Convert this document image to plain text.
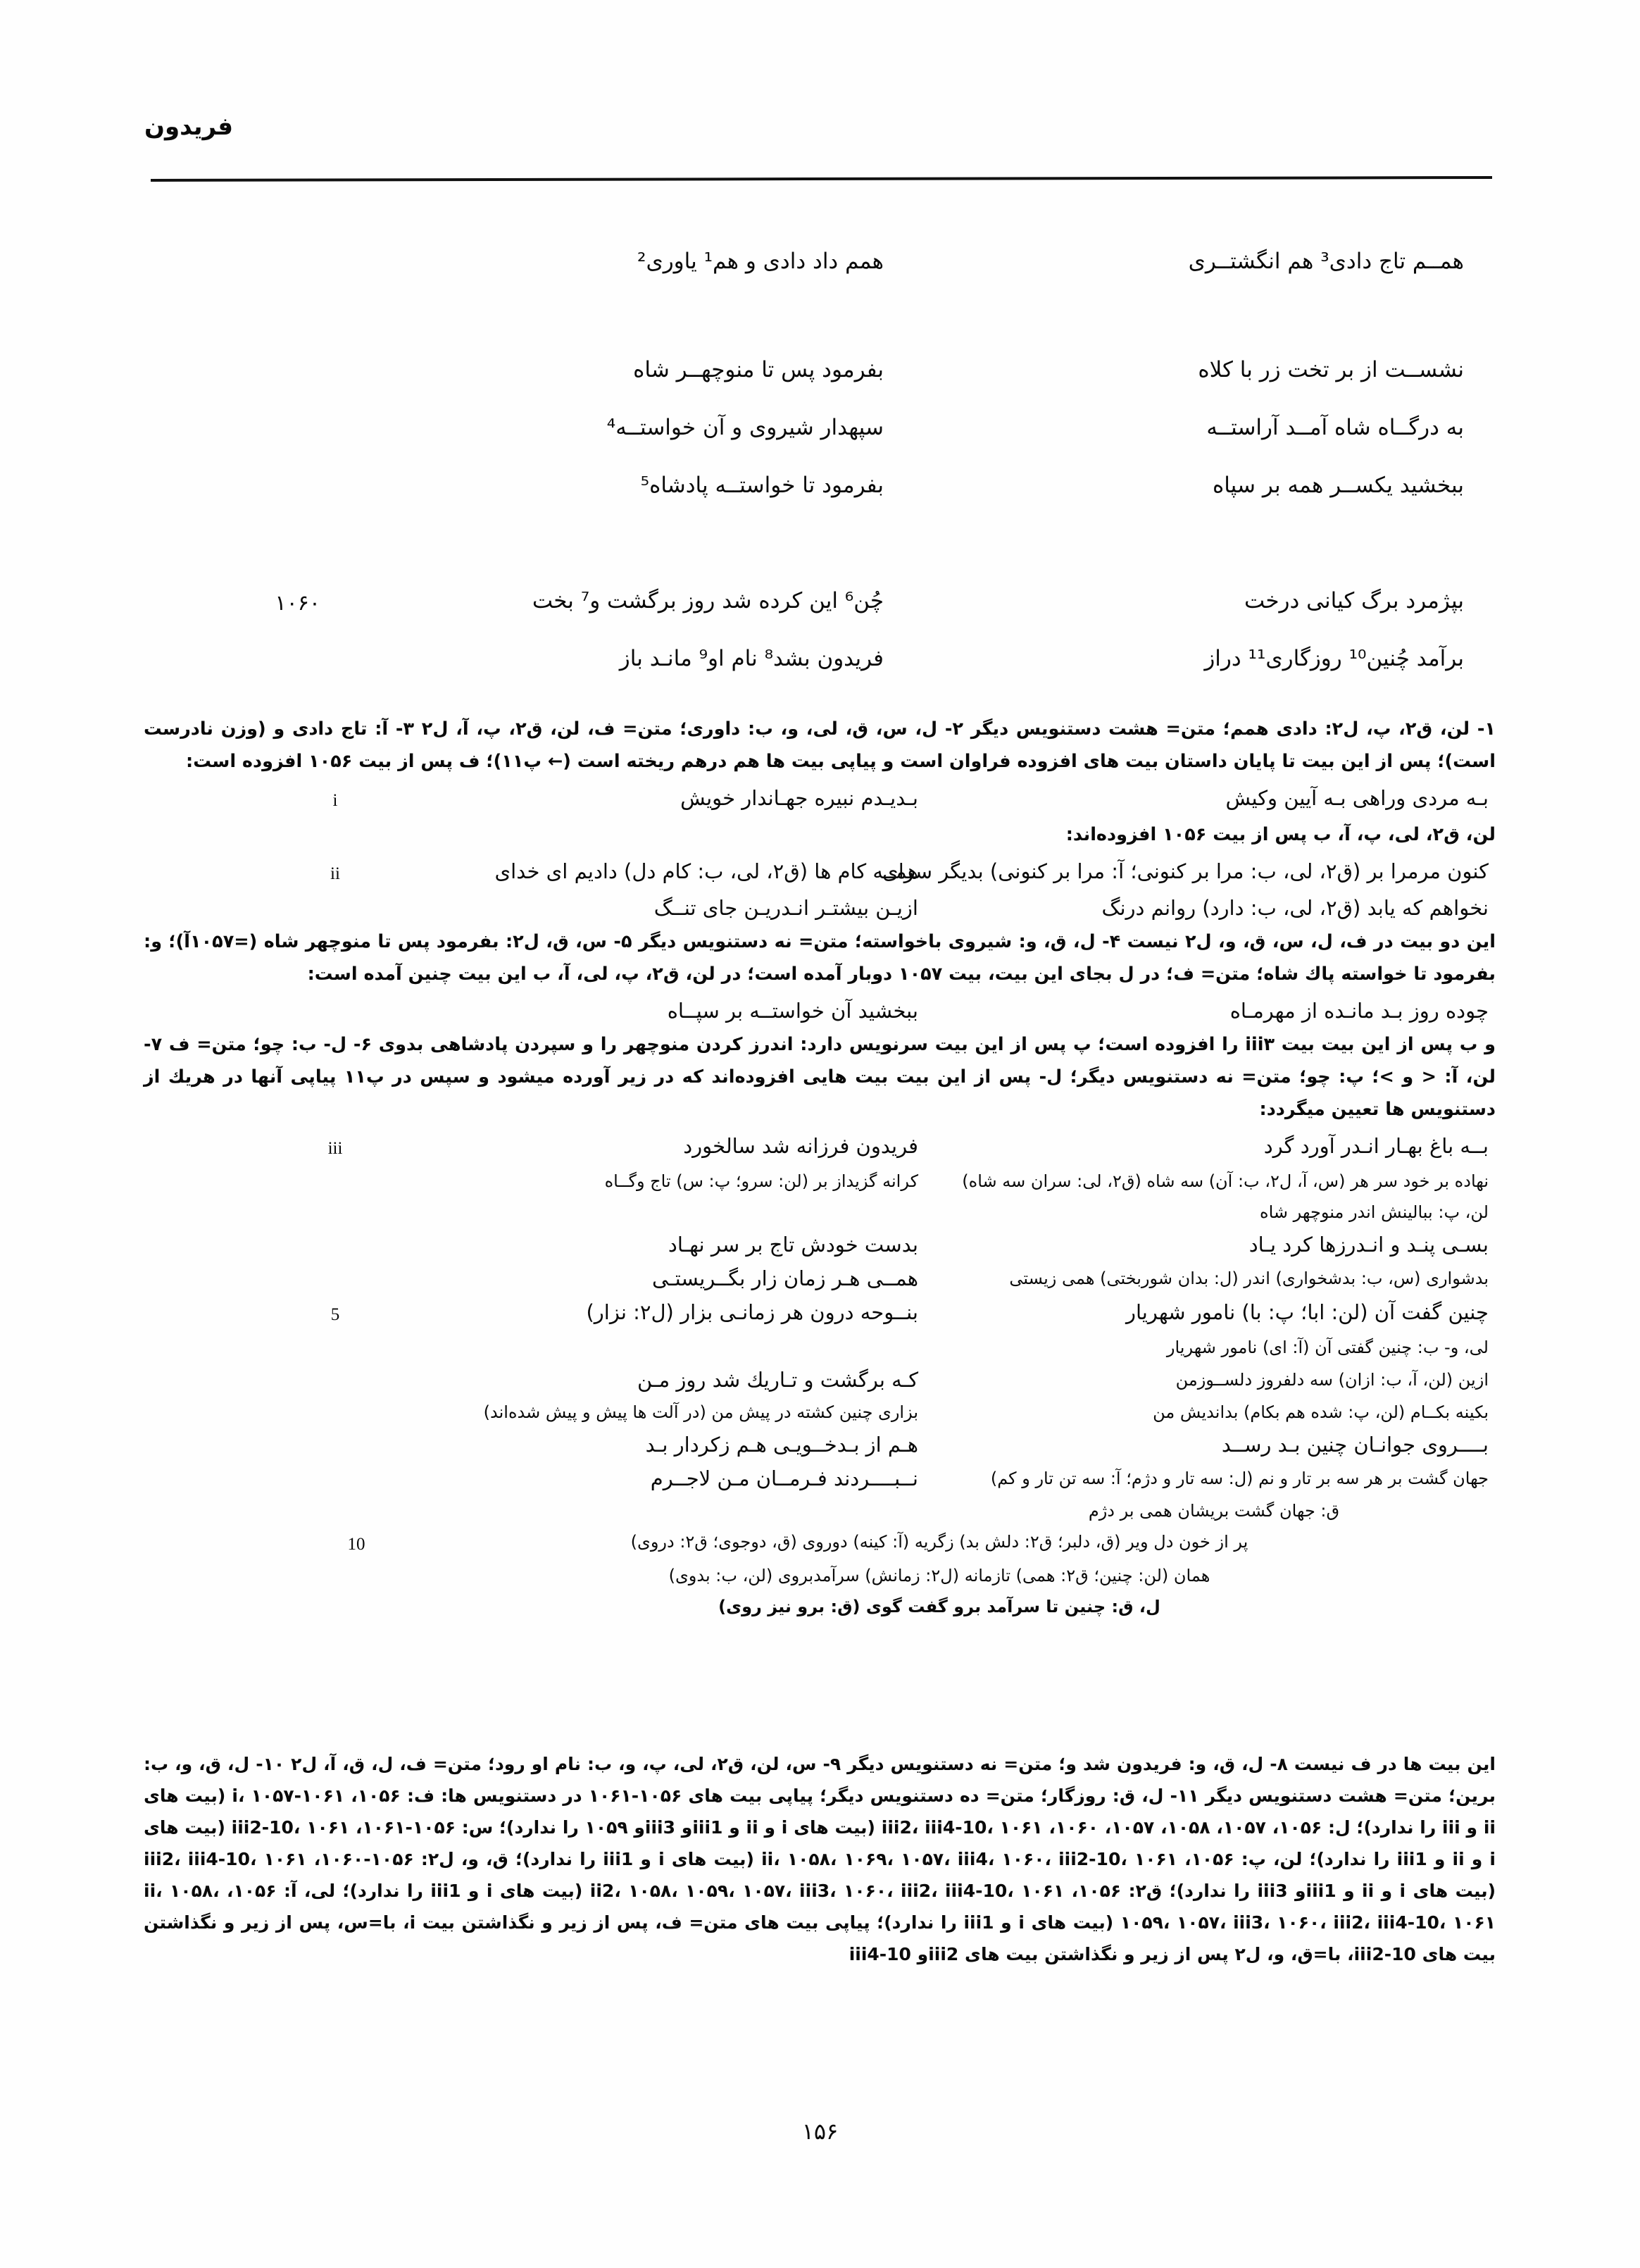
فریدون
همــم تاج دادی³ هم انگشتــری
همم داد دادی و هم¹ یاوری²
نشســت از بر تخت زر با کلاه
بفرمود پس تا منوچهــر شاه
به درگــاه شاه آمــد آراستــه
سپهدار شیروی و آن خواستــه⁴
ببخشید یکســر همه بر سپاه
بفرمود تا خواستــه پادشاه⁵
بپژمرد برگ کیانی درخت
چُن⁶ این کرده شد روز برگشت و⁷ بخت
۱۰۶۰
برآمد چُنین¹⁰ روزگاری¹¹ دراز
فریدون بشد⁸ نام او⁹ مانـد باز
۱- لن، ق۲، پ، ل۲: دادی همم؛ متن= هشت دستنویس دیگر ۲- ل، س، ق، لی، و، ب: داوری؛ متن= ف، لن، ق۲، پ، آ، ل۲ ۳- آ: تاج دادی و (وزن نادرست است)؛ پس از این بیت تا پایان داستان بیت های افزوده فراوان است و پیاپی بیت ها هم درهم ریخته است (← پ۱۱)؛ ف پس از بیت ۱۰۵۶ افزوده است:
بـه مردی وراهی بـه آیین وکیش
بـدیـدم نبیره جهـاندار خویش
i
لن، ق۲، لی، پ، آ، ب پس از بیت ۱۰۵۶ افزوده‌اند:
کنون مرمرا بر (ق۲، لی، ب: مرا بر کنونی؛ آ: مرا بر کنونی) بدیگر سرای
همــه کام ها (ق۲، لی، ب: کام دل) دادیم ای خدای
ii
نخواهم که یابد (ق۲، لی، ب: دارد) روانم درنگ
ازیـن بیشتـر انـدریـن جای تنــگ
این دو بیت در ف، ل، س، ق، و، ل۲ نیست ۴- ل، ق، و: شیروی باخواسته؛ متن= نه دستنویس دیگر ۵- س، ق، ل۲: بفرمود پس تا منوچهر شاه (=۱۰۵۷آ)؛ و: بفرمود تا خواسته پاك شاه؛ متن= ف؛ در ل بجای این بیت، بیت ۱۰۵۷ دوبار آمده است؛ در لن، ق۲، پ، لی، آ، ب این بیت چنین آمده است:
چوده روز بـد مانـده از مهرمـاه
ببخشید آن خواستــه بر سپــاه
و ب پس از این بیت بیت iii۳ را افزوده است؛ پ پس از این بیت سرنویس دارد: اندرز کردن منوچهر را و سپردن پادشاهی بدوی ۶- ل- ب: چو؛ متن= ف ۷- لن، آ: < و >؛ پ: چو؛ متن= نه دستنویس دیگر؛ ل- پس از این بیت بیت هایی افزوده‌اند که در زیر آورده میشود و سپس در پ۱۱ پیاپی آنها در هریك از دستنویس ها تعیین میگردد:
بــه باغ بهـار انـدر آورد گرد
فریدون فرزانه شد سالخورد
iii
نهاده بر خود سر هر (س، آ، ل۲، ب: آن) سه شاه (ق۲، لی: سران سه شاه)
کرانه گزیداز بر (لن: سرو؛ پ: س) تاج وگــاه
لن، پ: ببالینش اندر منوچهر شاه
بسـی پنـد و انـدرزها کرد یـاد
بدست خودش تاج بر سر نهـاد
بدشواری (س، ب: بدشخواری) اندر (ل: بدان شوربختی) همی زیستی
همــی هـر زمان زار بگــریستـی
چنین گفت آن (لن: ابا؛ پ: با) نامور شهریار
بنــوحه درون هر زمانـی بزار (ل۲: نزار)
5
لی، و- ب: چنین گفتی آن (آ: ای) نامور شهریار
ازین (لن، آ، ب: ازان) سه دلفروز دلســوزمن
کـه برگشت و تـاریك شد روز مـن
بکینه بکــام (لن، پ: شده هم بکام) بداندیش من
بزاری چنین کشته در پیش من (در آلت ها پیش و پیش شده‌اند)
بــــروی جوانـان چنین بـد رســد
هـم از بـدخــویـی هـم زکردار بـد
جهان گشت بر هر سه بر تار و نم (ل: سه تار و دژم؛ آ: سه تن تار و کم)
نــبــــردند فـرمــان مـن لاجــرم
ق: جهان گشت بریشان همی بر دژم
پر از خون دل ویر (ق، دلبر؛ ق۲: دلش بد) زگریه (آ: کینه) دوروی (ق، دوجوی؛ ق۲: دروی)
10
همان (لن: چنین؛ ق۲: همی) تازمانه (ل۲: زمانش) سرآمدبروی (لن، ب: بدوی)
ل، ق: چنین تا سرآمد برو گفت گوی (ق: برو نیز روی)
این بیت ها در ف نیست ۸- ل، ق، و: فریدون شد و؛ متن= نه دستنویس دیگر ۹- س، لن، ق۲، لی، پ، و، ب: نام او رود؛ متن= ف، ل، ق، آ، ل۲ ۱۰- ل، ق، و، ب: برین؛ متن= هشت دستنویس دیگر ۱۱- ل، ق: روزگار؛ متن= ده دستنویس دیگر؛ پیاپی بیت های ۱۰۵۶-۱۰۶۱ در دستنویس ها: ف: ۱۰۵۶، i، ۱۰۵۷-۱۰۶۱ (بیت های ii و iii را ندارد)؛ ل: ۱۰۵۶، ۱۰۵۷، ۱۰۵۸، ۱۰۵۷، ۱۰۶۰، iii2، iii4-10، ۱۰۶۱ (بیت های i و ii و iii1و iii3و ۱۰۵۹ را ندارد)؛ س: ۱۰۵۶-۱۰۶۱، iii2-10، ۱۰۶۱ (بیت های i و ii و iii1 را ندارد)؛ لن، پ: ۱۰۵۶، ii، ۱۰۵۸، ۱۰۶۹، ۱۰۵۷، iii4، ۱۰۶۰، iii2-10، ۱۰۶۱ (بیت های i و iii1 را ندارد)؛ ق، و، ل۲: ۱۰۵۶-۱۰۶۰، iii2، iii4-10، ۱۰۶۱ (بیت های i و ii و iii1و iii3 را ندارد)؛ ق۲: ۱۰۵۶، ii2، ۱۰۵۸، ۱۰۵۹، ۱۰۵۷، iii3، ۱۰۶۰، iii2، iii4-10، ۱۰۶۱ (بیت های i و iii1 را ندارد)؛ لی، آ: ۱۰۵۶، ii، ۱۰۵۸، ۱۰۵۹، ۱۰۵۷، iii3، ۱۰۶۰، iii2، iii4-10، ۱۰۶۱ (بیت های i و iii1 را ندارد)؛ پیاپی بیت های متن= ف، پس از زیر و نگذاشتن بیت i، با=س، پس از زیر و نگذاشتن بیت های iii2-10، با=ق، و، ل۲ پس از زیر و نگذاشتن بیت های iii2و iii4-10
۱۵۶
